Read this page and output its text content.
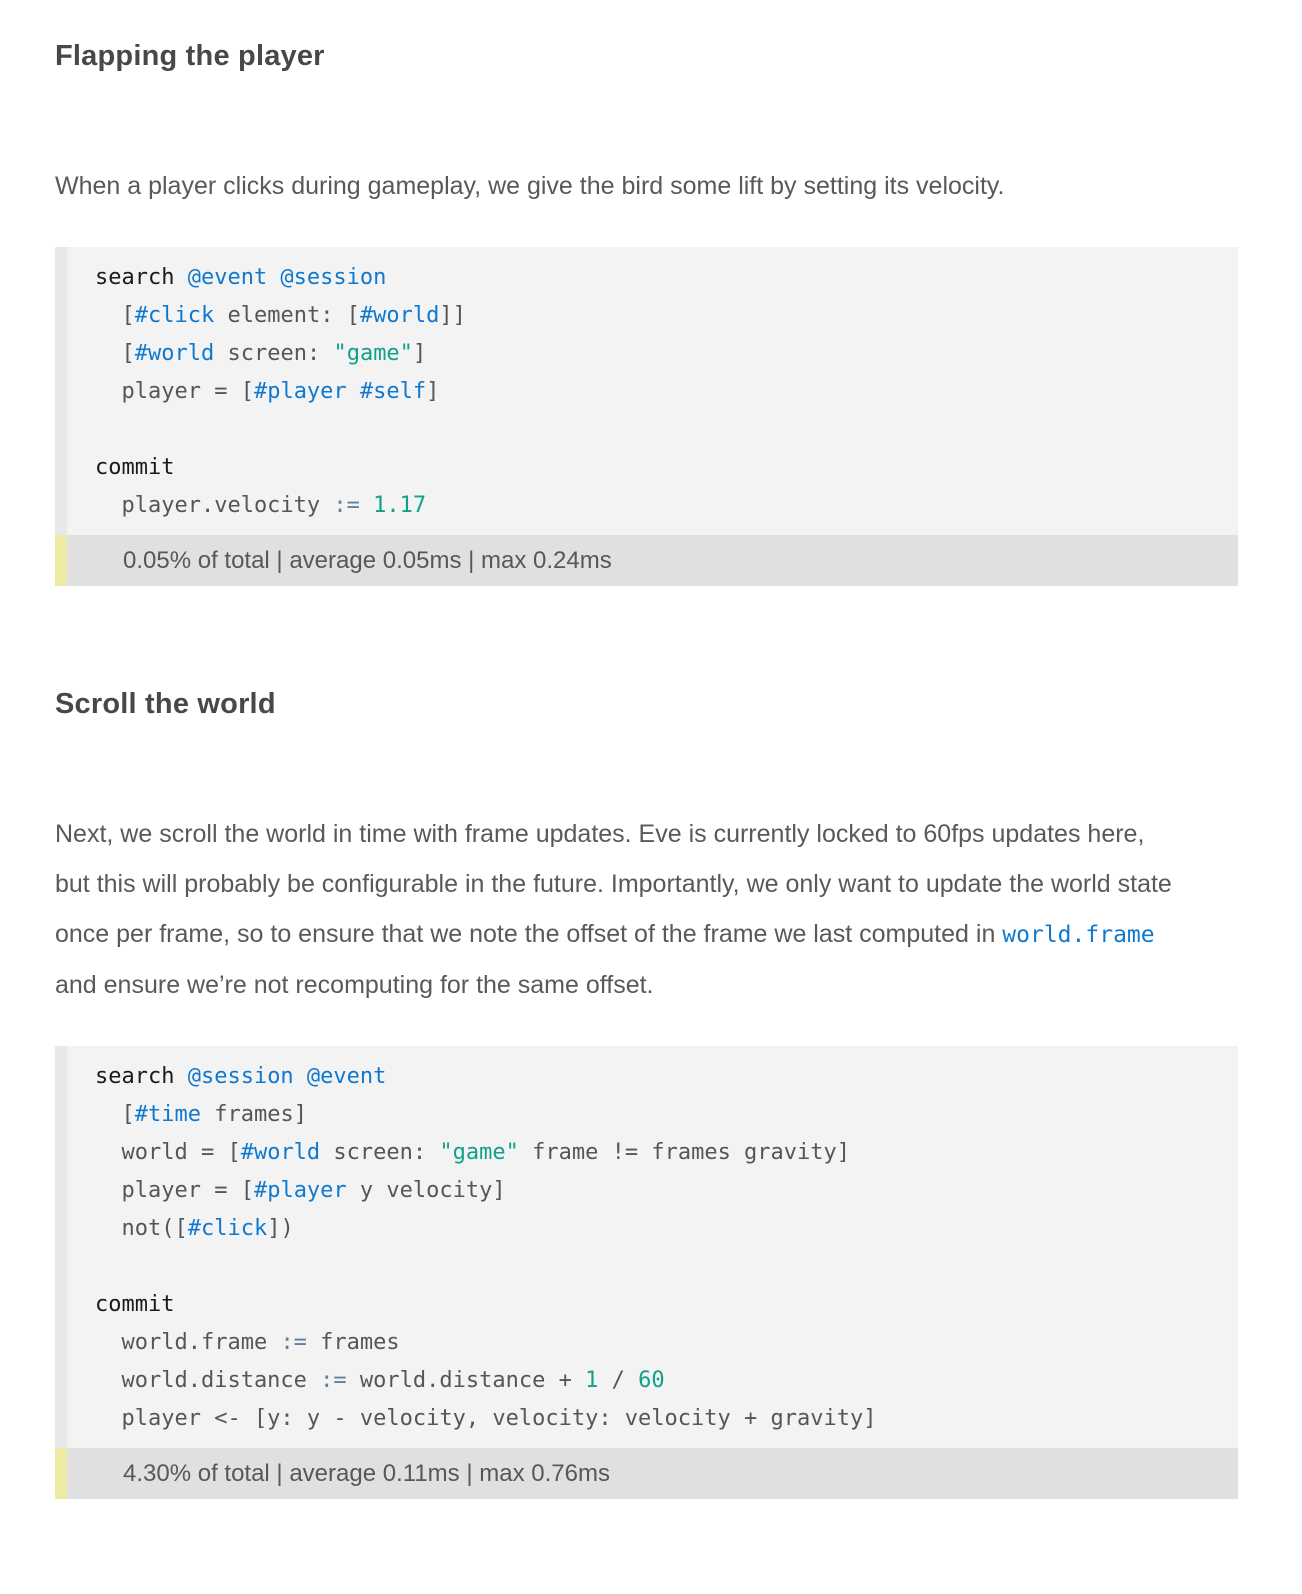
Flapping the player

When a player clicks during gameplay, we give the bird some lift by setting its velocity.

search @event @session
[#click element: [#world]]
[#world screen: "game"]
player = [#player #self]

commit
player.velocity := 1.17
0.05% of total | average 0.05ms | max 0.24ms
Scroll the world

Next, we scroll the world in time with frame updates. Eve is currently locked to 60fps updates here, but this will probably be configurable in the future. Importantly, we only want to update the world state once per frame, so to ensure that we note the offset of the frame we last computed in world.frame and ensure we’re not recomputing for the same offset.

search @session @event
[#time frames]
world = [#world screen: "game" frame != frames gravity]
player = [#player y velocity]
not([#click])

commit
world.frame := frames
world.distance := world.distance + 1 / 60
player <- [y: y - velocity, velocity: velocity + gravity]
4.30% of total | average 0.11ms | max 0.76ms
